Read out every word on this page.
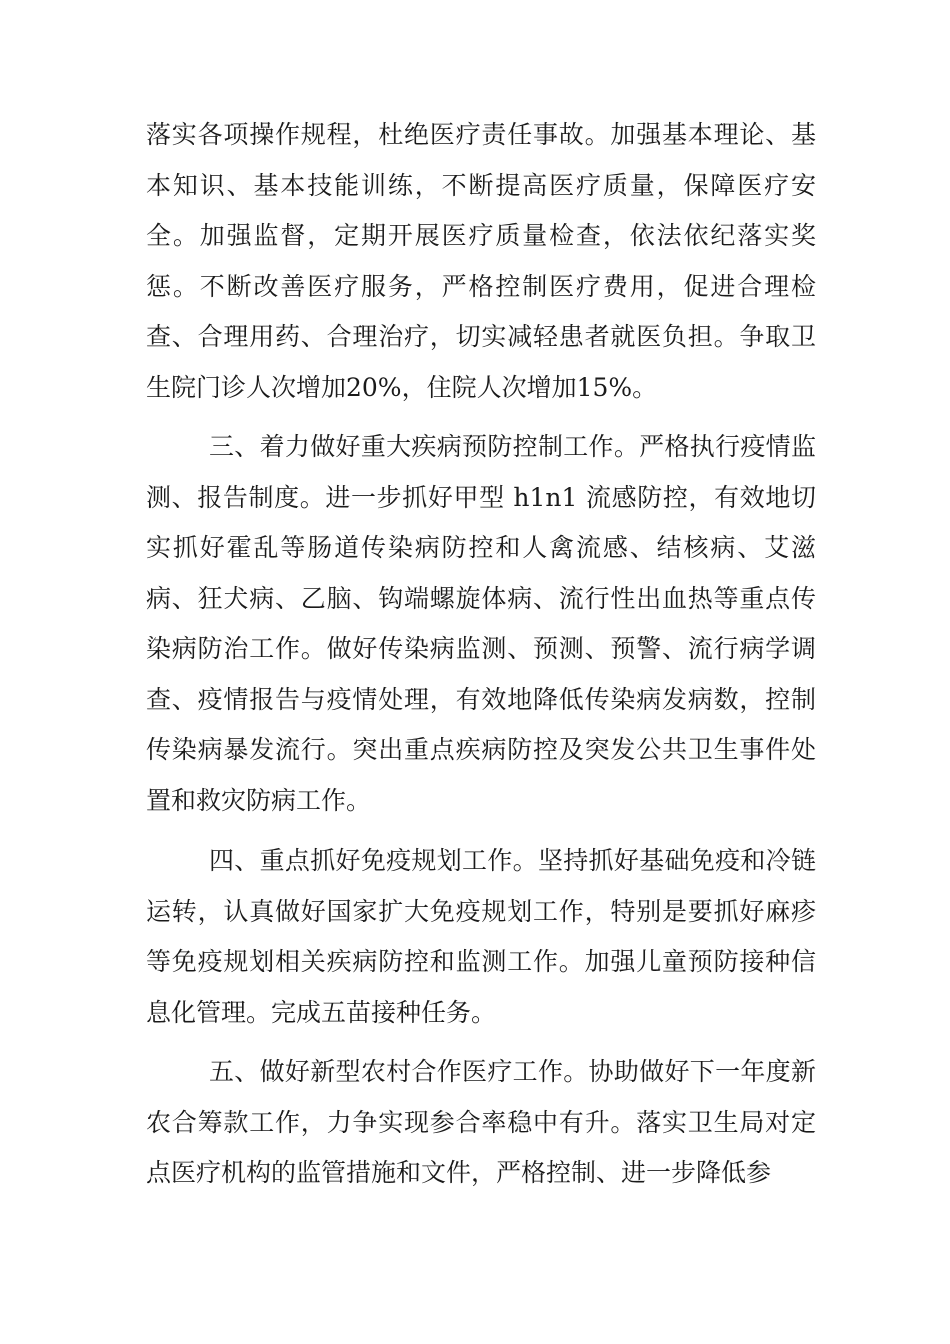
落实各项操作规程，杜绝医疗责任事故。加强基本理论、基本知识、基本技能训练，不断提高医疗质量，保障医疗安全。加强监督，定期开展医疗质量检查，依法依纪落实奖惩。不断改善医疗服务，严格控制医疗费用，促进合理检查、合理用药、合理治疗，切实减轻患者就医负担。争取卫生院门诊人次增加20%，住院人次增加15%。

三、着力做好重大疾病预防控制工作。严格执行疫情监测、报告制度。进一步抓好甲型 h1n1 流感防控，有效地切实抓好霍乱等肠道传染病防控和人禽流感、结核病、艾滋病、狂犬病、乙脑、钩端螺旋体病、流行性出血热等重点传染病防治工作。做好传染病监测、预测、预警、流行病学调查、疫情报告与疫情处理，有效地降低传染病发病数，控制传染病暴发流行。突出重点疾病防控及突发公共卫生事件处置和救灾防病工作。

四、重点抓好免疫规划工作。坚持抓好基础免疫和冷链运转，认真做好国家扩大免疫规划工作，特别是要抓好麻疹等免疫规划相关疾病防控和监测工作。加强儿童预防接种信息化管理。完成五苗接种任务。

五、做好新型农村合作医疗工作。协助做好下一年度新农合筹款工作，力争实现参合率稳中有升。落实卫生局对定点医疗机构的监管措施和文件，严格控制、进一步降低参
